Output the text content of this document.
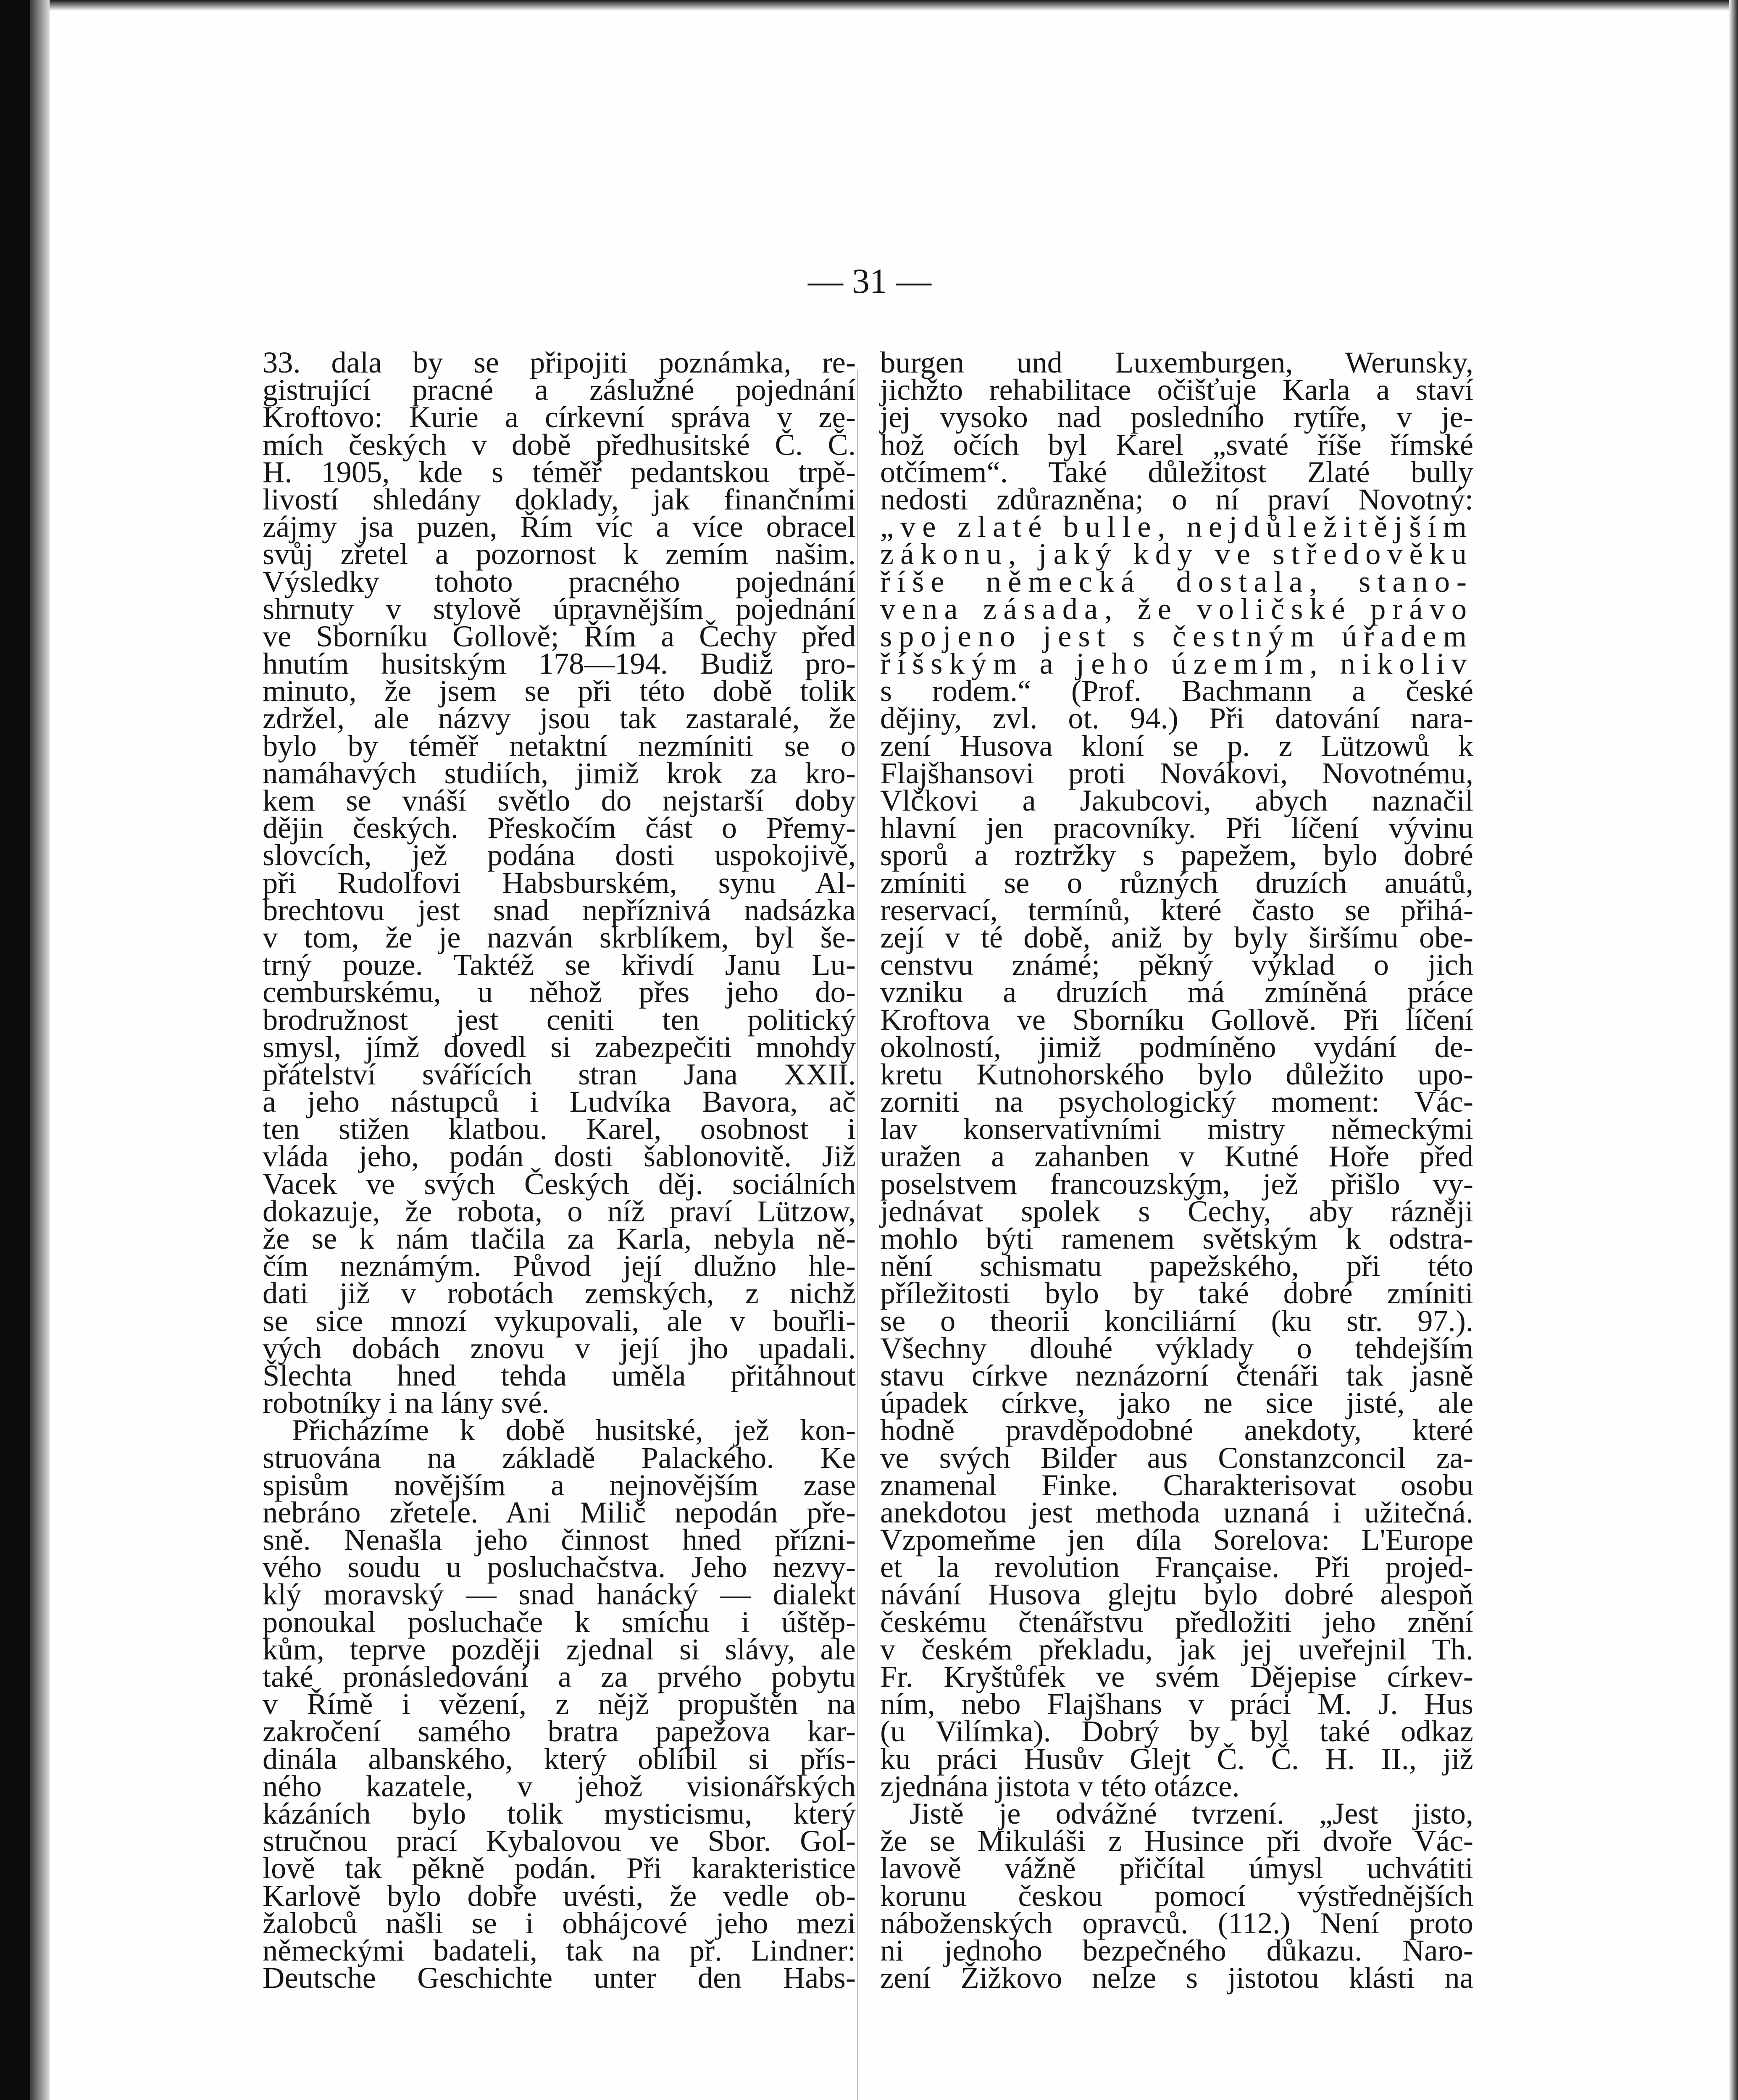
— 31 —
33. dala by se připojiti poznámka, re-
gistrující pracné a záslužné pojednání
Kroftovo: Kurie a církevní správa v ze-
mích českých v době předhusitské Č. Č.
H. 1905, kde s téměř pedantskou trpě-
livostí shledány doklady, jak finančními
zájmy jsa puzen, Řím víc a více obracel
svůj zřetel a pozornost k zemím našim.
Výsledky tohoto pracného pojednání
shrnuty v stylově úpravnějším pojednání
ve Sborníku Gollově; Řím a Čechy před
hnutím husitským 178—194. Budiž pro-
minuto, že jsem se při této době tolik
zdržel, ale názvy jsou tak zastaralé, že
bylo by téměř netaktní nezmíniti se o
namáhavých studiích, jimiž krok za kro-
kem se vnáší světlo do nejstarší doby
dějin českých. Přeskočím část o Přemy-
slovcích, jež podána dosti uspokojivě,
při Rudolfovi Habsburském, synu Al-
brechtovu jest snad nepříznivá nadsázka
v tom, že je nazván skrblíkem, byl še-
trný pouze. Taktéž se křivdí Janu Lu-
cemburskému, u něhož přes jeho do-
brodružnost jest ceniti ten politický
smysl, jímž dovedl si zabezpečiti mnohdy
přátelství svářících stran Jana XXII.
a jeho nástupců i Ludvíka Bavora, ač
ten stižen klatbou. Karel, osobnost i
vláda jeho, podán dosti šablonovitě. Již
Vacek ve svých Českých děj. sociálních
dokazuje, že robota, o níž praví Lützow,
že se k nám tlačila za Karla, nebyla ně-
čím neznámým. Původ její dlužno hle-
dati již v robotách zemských, z nichž
se sice mnozí vykupovali, ale v bouřli-
vých dobách znovu v její jho upadali.
Šlechta hned tehda uměla přitáhnout
robotníky i na lány své.
Přicházíme k době husitské, jež kon-
struována na základě Palackého. Ke
spisům novějším a nejnovějším zase
nebráno zřetele. Ani Milič nepodán pře-
sně. Nenašla jeho činnost hned přízni-
vého soudu u posluchačstva. Jeho nezvy-
klý moravský — snad hanácký — dialekt
ponoukal posluchače k smíchu i úštěp-
kům, teprve později zjednal si slávy, ale
také pronásledování a za prvého pobytu
v Římě i vězení, z nějž propuštěn na
zakročení samého bratra papežova kar-
dinála albanského, který oblíbil si přís-
ného kazatele, v jehož visionářských
kázáních bylo tolik mysticismu, který
stručnou prací Kybalovou ve Sbor. Gol-
lově tak pěkně podán. Při karakteristice
Karlově bylo dobře uvésti, že vedle ob-
žalobců našli se i obhájcové jeho mezi
německými badateli, tak na př. Lindner:
Deutsche Geschichte unter den Habs-
burgen und Luxemburgen, Werunsky,
jichžto rehabilitace očišťuje Karla a staví
jej vysoko nad posledního rytíře, v je-
hož očích byl Karel „svaté říše římské
otčímem“. Také důležitost Zlaté bully
nedosti zdůrazněna; o ní praví Novotný:
„ve zlaté bulle, nejdůležitějším
zákonu, jaký kdy ve středověku
říše německá dostala, stano-
vena zásada, že voličské právo
spojeno jest s čestným úřadem
říšským a jeho územím, nikoliv
s rodem.“ (Prof. Bachmann a české
dějiny, zvl. ot. 94.) Při datování nara-
zení Husova kloní se p. z Lützowů k
Flajšhansovi proti Novákovi, Novotnému,
Vlčkovi a Jakubcovi, abych naznačil
hlavní jen pracovníky. Při líčení vývinu
sporů a roztržky s papežem, bylo dobré
zmíniti se o různých druzích anuátů,
reservací, termínů, které často se přihá-
zejí v té době, aniž by byly širšímu obe-
censtvu známé; pěkný výklad o jich
vzniku a druzích má zmíněná práce
Kroftova ve Sborníku Gollově. Při líčení
okolností, jimiž podmíněno vydání de-
kretu Kutnohorského bylo důležito upo-
zorniti na psychologický moment: Vác-
lav konservativními mistry německými
uražen a zahanben v Kutné Hoře před
poselstvem francouzským, jež přišlo vy-
jednávat spolek s Čechy, aby rázněji
mohlo býti ramenem světským k odstra-
nění schismatu papežského, při této
příležitosti bylo by také dobré zmíniti
se o theorii konciliární (ku str. 97.).
Všechny dlouhé výklady o tehdejším
stavu církve neznázorní čtenáři tak jasně
úpadek církve, jako ne sice jisté, ale
hodně pravděpodobné anekdoty, které
ve svých Bilder aus Constanzconcil za-
znamenal Finke. Charakterisovat osobu
anekdotou jest methoda uznaná i užitečná.
Vzpomeňme jen díla Sorelova: L'Europe
et la revolution Française. Při projed-
návání Husova glejtu bylo dobré alespoň
českému čtenářstvu předložiti jeho znění
v českém překladu, jak jej uveřejnil Th.
Fr. Kryštůfek ve svém Dějepise církev-
ním, nebo Flajšhans v práci M. J. Hus
(u Vilímka). Dobrý by byl také odkaz
ku práci Husův Glejt Č. Č. H. II., již
zjednána jistota v této otázce.
Jistě je odvážné tvrzení. „Jest jisto,
že se Mikuláši z Husince při dvoře Vác-
lavově vážně přičítal úmysl uchvátiti
korunu českou pomocí výstřednějších
náboženských opravců. (112.) Není proto
ni jednoho bezpečného důkazu. Naro-
zení Žižkovo nelze s jistotou klásti na
